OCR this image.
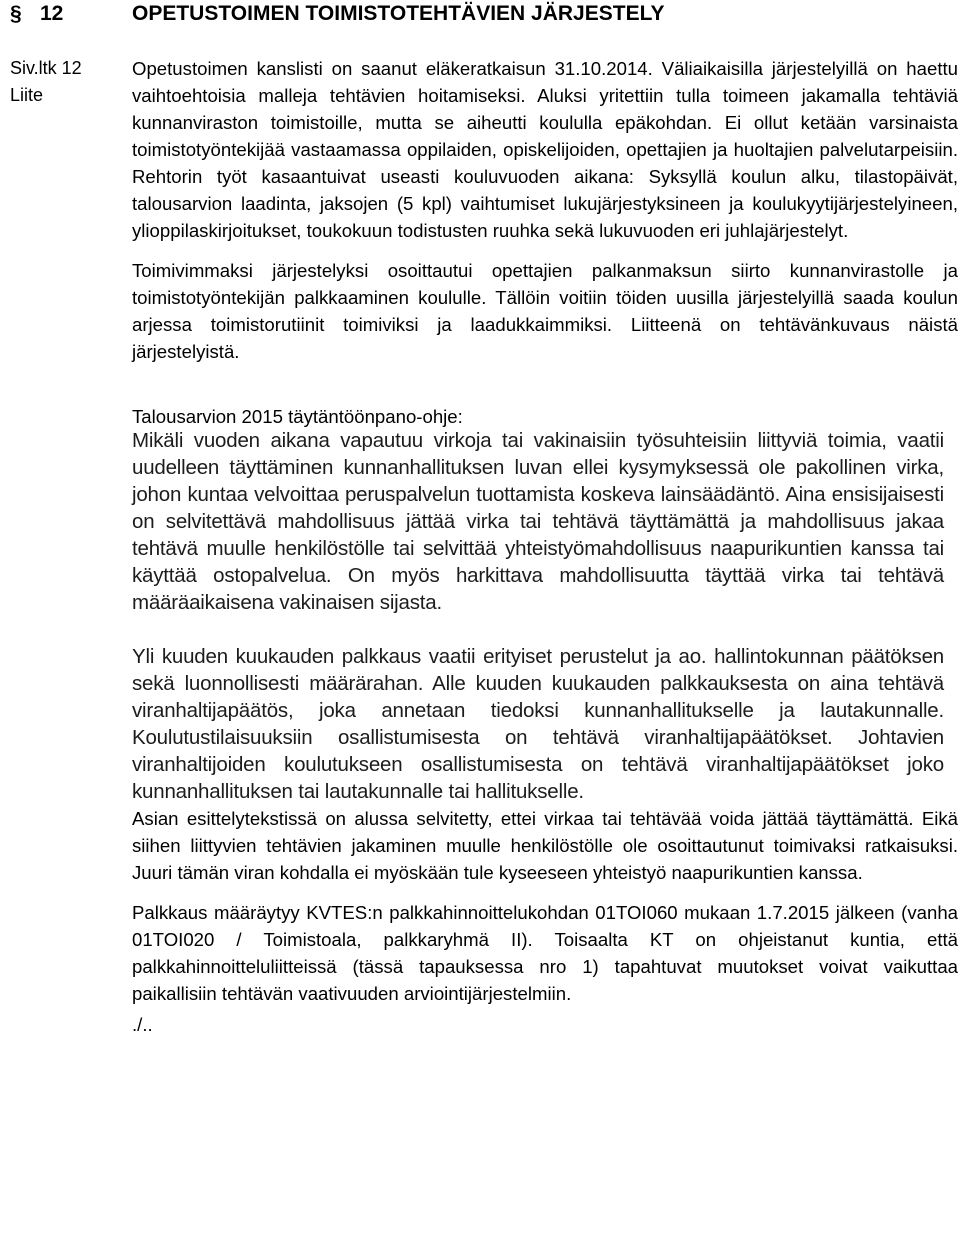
§ 12	OPETUSTOIMEN TOIMISTOTEHTÄVIEN JÄRJESTELY
Siv.ltk 12
Liite

Opetustoimen kanslisti on saanut eläkeratkaisun 31.10.2014. Väliaikaisilla järjestelyillä on haettu vaihtoehtoisia malleja tehtävien hoitamiseksi. Aluksi yritettiin tulla toimeen jakamalla tehtäviä kunnanviraston toimistoille, mutta se aiheutti koululla epäkohdan. Ei ollut ketään varsinaista toimistotyöntekijää vastaamassa oppilaiden, opiskelijoiden, opettajien ja huoltajien palvelutarpeisiin. Rehtorin työt kasaantuivat useasti kouluvuoden aikana: Syksyllä koulun alku, tilastopäivät, talousarvion laadinta, jaksojen (5 kpl) vaihtumiset lukujärjestyksineen ja koulukyytijärjestelyineen, ylioppilaskirjoitukset, toukokuun todistusten ruuhka sekä lukuvuoden eri juhlajärjestelyt.

Toimivimmaksi järjestelyksi osoittautui opettajien palkanmaksun siirto kunnanvirastolle ja toimistotyöntekijän palkkaaminen koululle. Tällöin voitiin töiden uusilla järjestelyillä saada koulun arjessa toimistorutiinit toimiviksi ja laadukkaimmiksi. Liitteenä on tehtävänkuvaus näistä järjestelyistä.

Talousarvion 2015 täytäntöönpano-ohje:
Mikäli vuoden aikana vapautuu virkoja tai vakinaisiin työsuhteisiin liittyviä toimia, vaatii uudelleen täyttäminen kunnanhallituksen luvan ellei kysymyksessä ole pakollinen virka, johon kuntaa velvoittaa peruspalvelun tuottamista koskeva lainsäädäntö. Aina ensisijaisesti on selvitettävä mahdollisuus jättää virka tai tehtävä täyttämättä ja mahdollisuus jakaa tehtävä muulle henkilöstölle tai selvittää yhteistyömahdollisuus naapurikuntien kanssa tai käyttää ostopalvelua. On myös harkittava mahdollisuutta täyttää virka tai tehtävä määräaikaisena vakinaisen sijasta.
Yli kuuden kuukauden palkkaus vaatii erityiset perustelut ja ao. hallintokunnan päätöksen sekä luonnollisesti määrärahan. Alle kuuden kuukauden palkkauksesta on aina tehtävä viranhaltijapäätös, joka annetaan tiedoksi kunnanhallitukselle ja lautakunnalle. Koulutustilaisuuksiin osallistumisesta on tehtävä viranhaltijapäätökset. Johtavien viranhaltijoiden koulutukseen osallistumisesta on tehtävä viranhaltijapäätökset joko kunnanhallituksen tai lautakunnalle tai hallitukselle.

Asian esittelytekstissä on alussa selvitetty, ettei virkaa tai tehtävää voida jättää täyttämättä. Eikä siihen liittyvien tehtävien jakaminen muulle henkilöstölle ole osoittautunut toimivaksi ratkaisuksi. Juuri tämän viran kohdalla ei myöskään tule kyseeseen yhteistyö naapurikuntien kanssa.

Palkkaus määräytyy KVTES:n palkkahinnoittelukohdan 01TOI060 mukaan 1.7.2015 jälkeen (vanha 01TOI020 / Toimistoala, palkkaryhmä II). Toisaalta KT on ohjeistanut kuntia, että palkkahinnoitteluliitteissä (tässä tapauksessa nro 1) tapahtuvat muutokset voivat vaikuttaa paikallisiin tehtävän vaativuuden arviointijärjestelmiin.

./..
